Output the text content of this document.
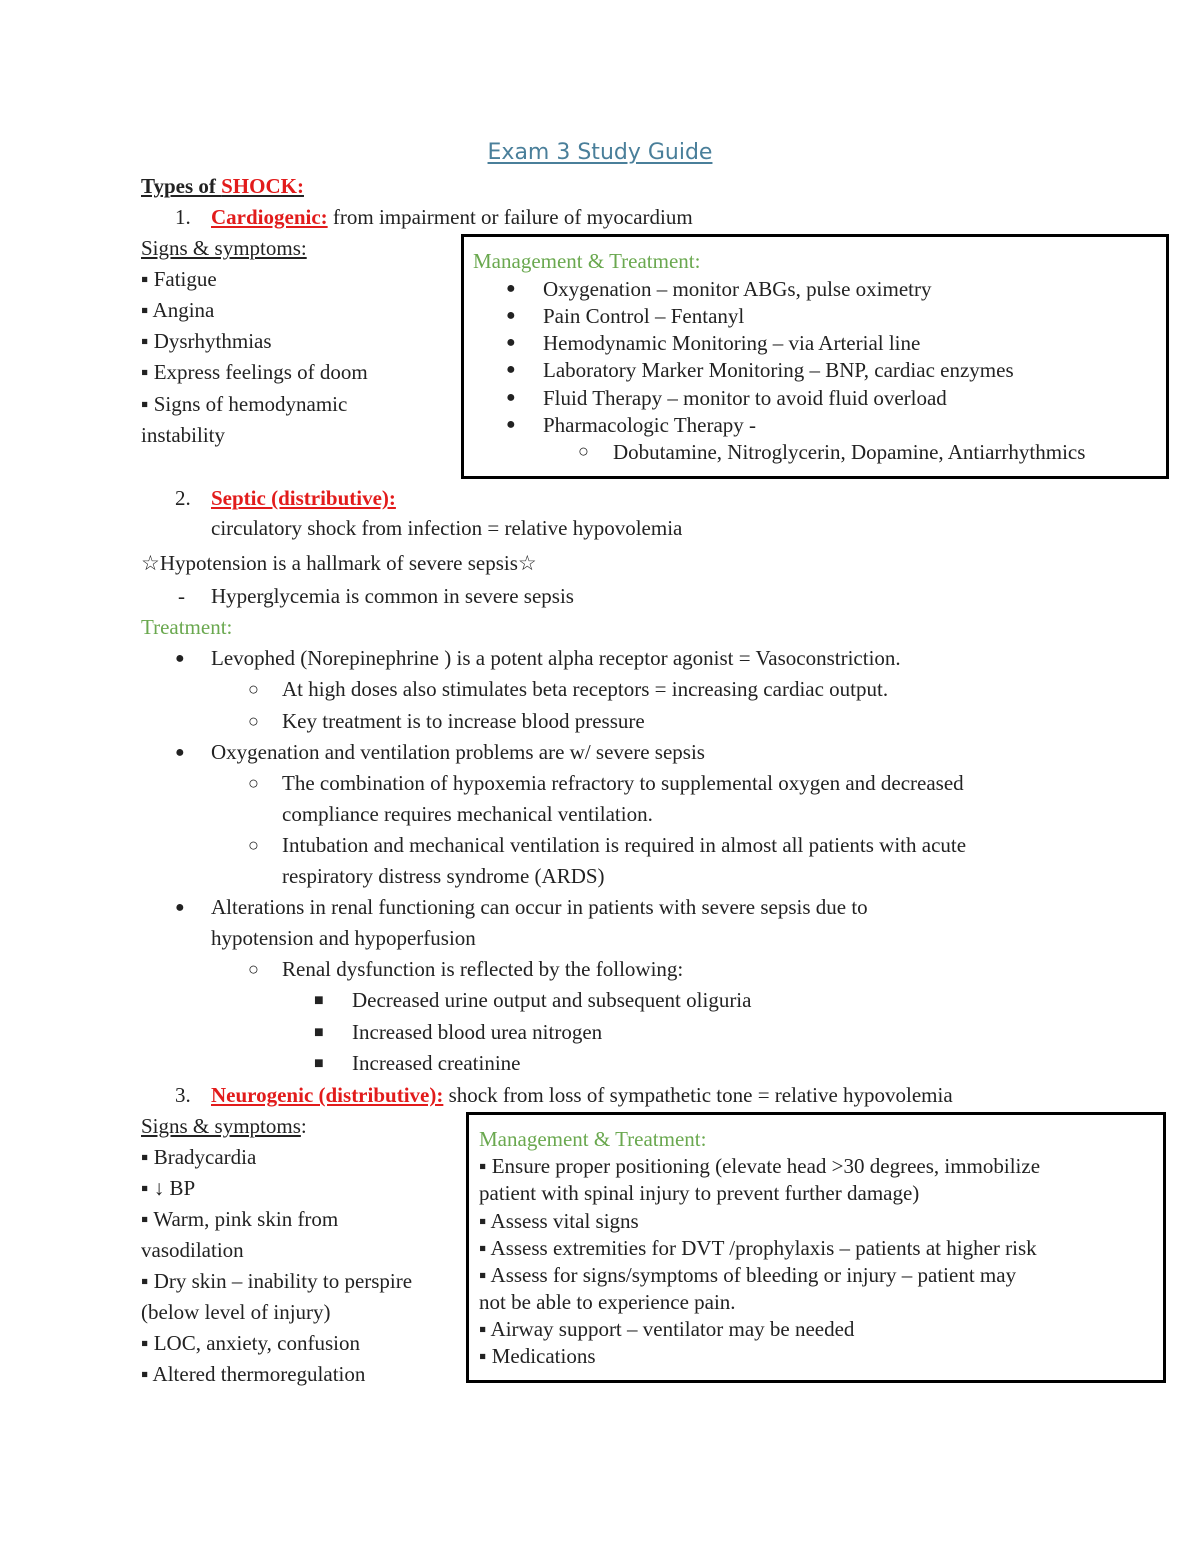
Exam 3 Study Guide
Types of SHOCK:
1. Cardiogenic: from impairment or failure of myocardium
Signs & symptoms:
▪ Fatigue
▪ Angina
▪ Dysrhythmias
▪ Express feelings of doom
▪ Signs of hemodynamic
instability
Management & Treatment:
● Oxygenation – monitor ABGs, pulse oximetry
● Pain Control – Fentanyl
● Hemodynamic Monitoring – via Arterial line
● Laboratory Marker Monitoring – BNP, cardiac enzymes
● Fluid Therapy – monitor to avoid fluid overload
● Pharmacologic Therapy -
○ Dobutamine, Nitroglycerin, Dopamine, Antiarrhythmics
2. Septic (distributive):
circulatory shock from infection = relative hypovolemia
☆Hypotension is a hallmark of severe sepsis☆
- Hyperglycemia is common in severe sepsis
Treatment:
● Levophed (Norepinephrine ) is a potent alpha receptor agonist = Vasoconstriction.
○ At high doses also stimulates beta receptors = increasing cardiac output.
○ Key treatment is to increase blood pressure
● Oxygenation and ventilation problems are w/ severe sepsis
○ The combination of hypoxemia refractory to supplemental oxygen and decreased
compliance requires mechanical ventilation.
○ Intubation and mechanical ventilation is required in almost all patients with acute
respiratory distress syndrome (ARDS)
● Alterations in renal functioning can occur in patients with severe sepsis due to
hypotension and hypoperfusion
○ Renal dysfunction is reflected by the following:
■ Decreased urine output and subsequent oliguria
■ Increased blood urea nitrogen
■ Increased creatinine
3. Neurogenic (distributive): shock from loss of sympathetic tone = relative hypovolemia
Signs & symptoms:
▪ Bradycardia
▪ ↓ BP
▪ Warm, pink skin from
vasodilation
▪ Dry skin – inability to perspire
(below level of injury)
▪ LOC, anxiety, confusion
▪ Altered thermoregulation
Management & Treatment:
▪ Ensure proper positioning (elevate head >30 degrees, immobilize
patient with spinal injury to prevent further damage)
▪ Assess vital signs
▪ Assess extremities for DVT /prophylaxis – patients at higher risk
▪ Assess for signs/symptoms of bleeding or injury – patient may
not be able to experience pain.
▪ Airway support – ventilator may be needed
▪ Medications
